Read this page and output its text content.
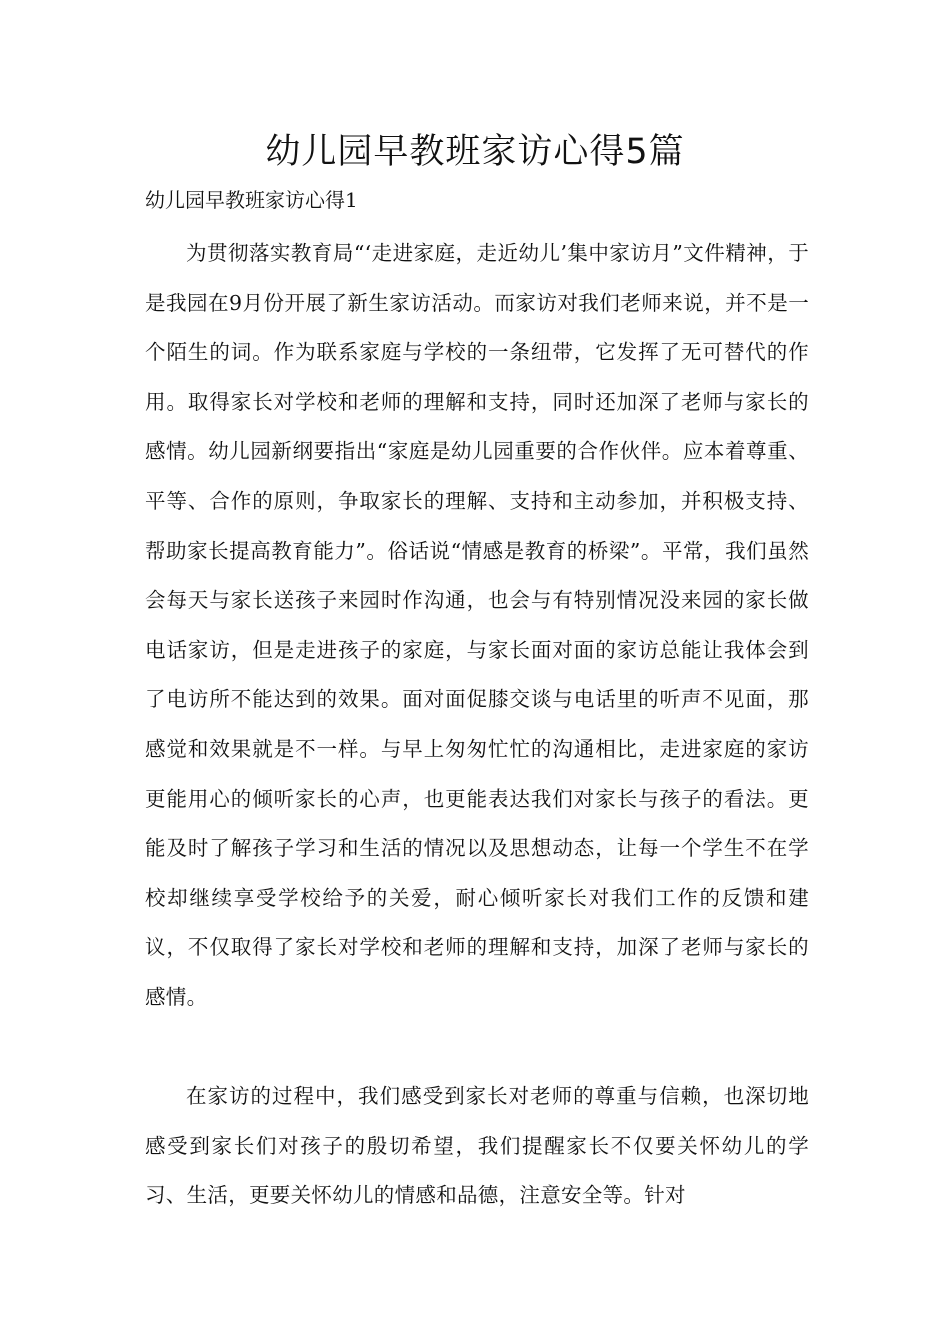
幼儿园早教班家访心得5篇
幼儿园早教班家访心得1

为贯彻落实教育局“‘走进家庭，走近幼儿’集中家访月”文件精神，于是我园在9月份开展了新生家访活动。而家访对我们老师来说，并不是一个陌生的词。作为联系家庭与学校的一条纽带，它发挥了无可替代的作用。取得家长对学校和老师的理解和支持，同时还加深了老师与家长的感情。幼儿园新纲要指出“家庭是幼儿园重要的合作伙伴。应本着尊重、平等、合作的原则，争取家长的理解、支持和主动参加，并积极支持、帮助家长提高教育能力”。俗话说“情感是教育的桥梁”。平常，我们虽然会每天与家长送孩子来园时作沟通，也会与有特别情况没来园的家长做电话家访，但是走进孩子的家庭，与家长面对面的家访总能让我体会到了电访所不能达到的效果。面对面促膝交谈与电话里的听声不见面，那感觉和效果就是不一样。与早上匆匆忙忙的沟通相比，走进家庭的家访更能用心的倾听家长的心声，也更能表达我们对家长与孩子的看法。更能及时了解孩子学习和生活的情况以及思想动态，让每一个学生不在学校却继续享受学校给予的关爱，耐心倾听家长对我们工作的反馈和建议，不仅取得了家长对学校和老师的理解和支持，加深了老师与家长的感情。

在家访的过程中，我们感受到家长对老师的尊重与信赖，也深切地感受到家长们对孩子的殷切希望，我们提醒家长不仅要关怀幼儿的学习、生活，更要关怀幼儿的情感和品德，注意安全等。针对
